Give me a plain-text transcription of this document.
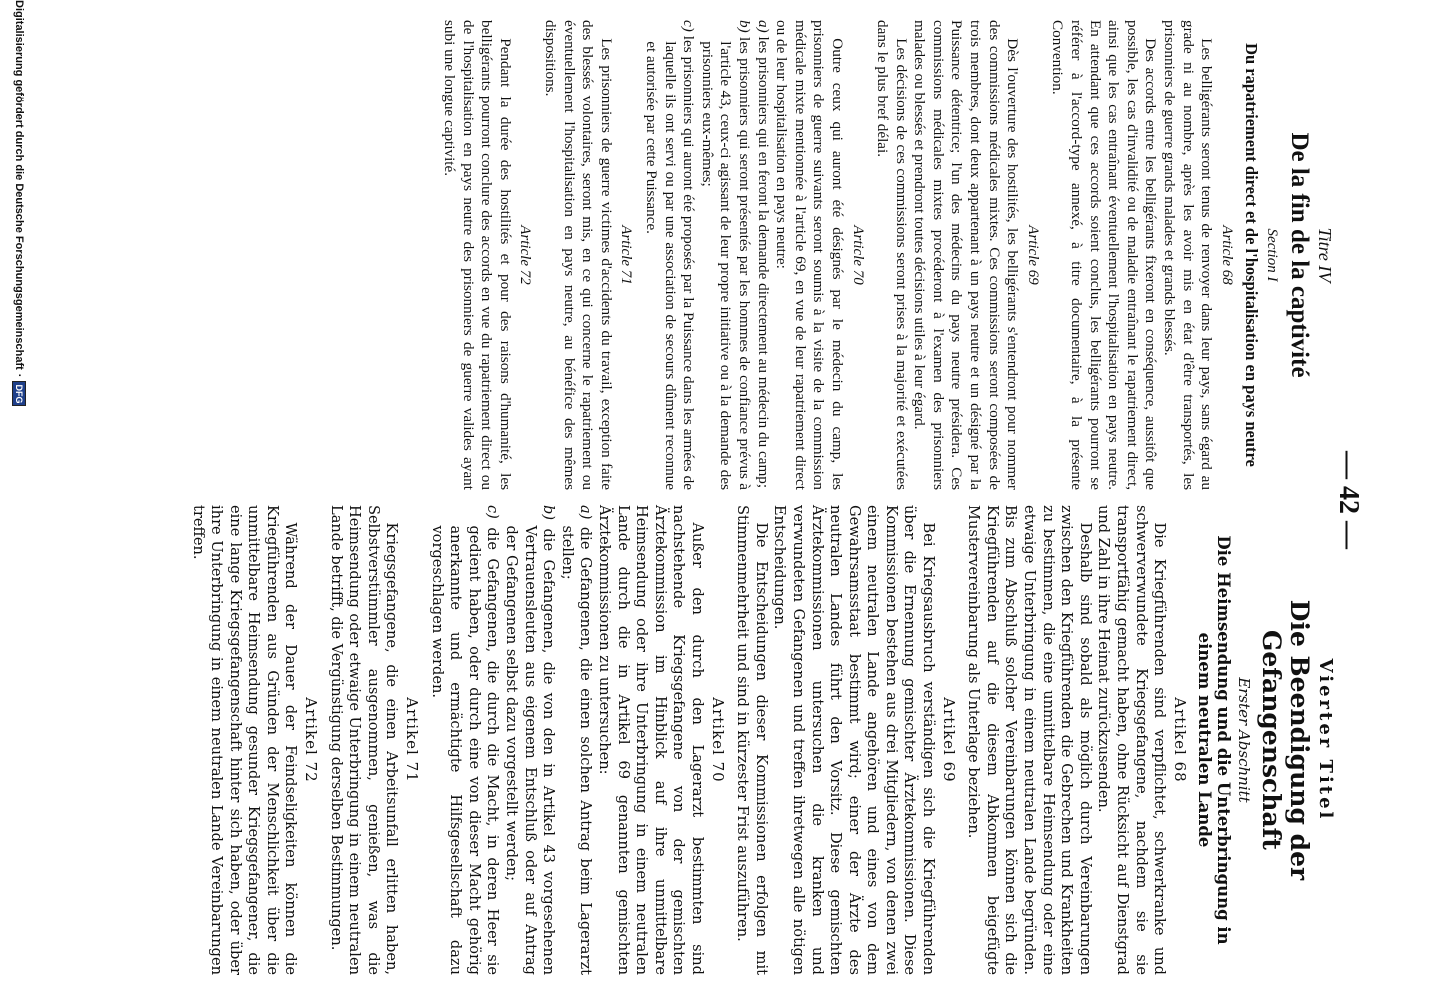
— 42 —
Titre IV
De la fin de la captivité
Section I
Du rapatriement direct et de l'hospitalisation en pays neutre
Article 68

Les belligérants seront tenus de renvoyer dans leur pays, sans égard au grade ni au nombre, après les avoir mis en état d'être transportés, les prisonniers de guerre grands malades et grands blessés.

Des accords entre les belligérants fixeront en conséquence, aussitôt que possible, les cas d'invalidité ou de maladie entraînant le rapatriement direct, ainsi que les cas entraînant éventuellement l'hospitalisation en pays neutre. En attendant que ces accords soient conclus, les belligérants pourront se référer à l'accord-type annexé, à titre documentaire, à la présente Convention.

Article 69

Dès l'ouverture des hostilités, les belligérants s'entendront pour nommer des commissions médicales mixtes. Ces commissions seront composées de trois membres, dont deux appartenant à un pays neutre et un désigné par la Puissance détentrice; l'un des médecins du pays neutre présidera. Ces commissions médicales mixtes procéderont à l'examen des prisonniers malades ou blessés et prendront toutes décisions utiles à leur égard.

Les décisions de ces commissions seront prises à la majorité et exécutées dans le plus bref délai.

Article 70

Outre ceux qui auront été désignés par le médecin du camp, les prisonniers de guerre suivants seront soumis à la visite de la commission médicale mixte mentionnée à l'article 69, en vue de leur rapatriement direct ou de leur hospitalisation en pays neutre:

a) les prisonniers qui en feront la demande directement au médecin du camp;
b) les prisonniers qui seront présentés par les hommes de confiance prévus à l'article 43, ceux-ci agissant de leur propre initiative ou à la demande des prisonniers eux-mêmes;
c) les prisonniers qui auront été proposés par la Puissance dans les armées de laquelle ils ont servi ou par une association de secours dûment reconnue et autorisée par cette Puissance.
Article 71

Les prisonniers de guerre victimes d'accidents du travail, exception faite des blessés volontaires, seront mis, en ce qui concerne le rapatriement ou éventuellement l'hospitalisation en pays neutre, au bénéfice des mêmes dispositions.

Article 72

Pendant la durée des hostilités et pour des raisons d'humanité, les belligérants pourront conclure des accords en vue du rapatriement direct ou de l'hospitalisation en pays neutre des prisonniers de guerre valides ayant subi une longue captivité.

Vierter Titel
Die Beendigung der Gefangenschaft
Erster Abschnitt
Die Heimsendung und die Unterbringung in einem neutralen Lande
Artikel 68

Die Kriegführenden sind verpflichtet, schwerkranke und schwerverwundete Kriegsgefangene, nachdem sie sie transportfähig gemacht haben, ohne Rücksicht auf Dienstgrad und Zahl in ihre Heimat zurückzusenden.

Deshalb sind sobald als möglich durch Vereinbarungen zwischen den Kriegführenden die Gebrechen und Krankheiten zu bestimmen, die eine unmittelbare Heimsendung oder eine etwaige Unterbringung in einem neutralen Lande begründen. Bis zum Abschluß solcher Vereinbarungen können sich die Kriegführenden auf die diesem Abkommen beigefügte Mustervereinbarung als Unterlage beziehen.

Artikel 69

Bei Kriegsausbruch verständigen sich die Kriegführenden über die Ernennung gemischter Ärztekommissionen. Diese Kommissionen bestehen aus drei Mitgliedern, von denen zwei einem neutralen Lande angehören und eines von dem Gewahrsamsstaat bestimmt wird; einer der Ärzte des neutralen Landes führt den Vorsitz. Diese gemischten Ärztekommissionen untersuchen die kranken und verwundeten Gefangenen und treffen ihretwegen alle nötigen Entscheidungen.

Die Entscheidungen dieser Kommissionen erfolgen mit Stimmenmehrheit und sind in kürzester Frist auszuführen.

Artikel 70

Außer den durch den Lagerarzt bestimmten sind nachstehende Kriegsgefangene von der gemischten Ärztekommission im Hinblick auf ihre unmittelbare Heimsendung oder ihre Unterbringung in einem neutralen Lande durch die in Artikel 69 genannten gemischten Ärztekommissionen zu untersuchen:

a) die Gefangenen, die einen solchen Antrag beim Lagerarzt stellen;
b) die Gefangenen, die von den in Artikel 43 vorgesehenen Vertrauensleuten aus eigenem Entschluß oder auf Antrag der Gefangenen selbst dazu vorgestellt werden;
c) die Gefangenen, die durch die Macht, in deren Heer sie gedient haben, oder durch eine von dieser Macht gehörig anerkannte und ermächtigte Hilfsgesellschaft dazu vorgeschlagen werden.
Artikel 71

Kriegsgefangene, die einen Arbeitsunfall erlitten haben, Selbstverstümmler ausgenommen, genießen, was die Heimsendung oder etwaige Unterbringung in einem neutralen Lande betrifft, die Vergünstigung derselben Bestimmungen.

Artikel 72

Während der Dauer der Feindseligkeiten können die Kriegführenden aus Gründen der Menschlichkeit über die unmittelbare Heimsendung gesunder Kriegsgefangener, die eine lange Kriegsgefangenschaft hinter sich haben, oder über ihre Unterbringung in einem neutralen Lande Vereinbarungen treffen.

Digitalisierung gefördert durch die Deutsche Forschungsgemeinschaft
·
DFG
